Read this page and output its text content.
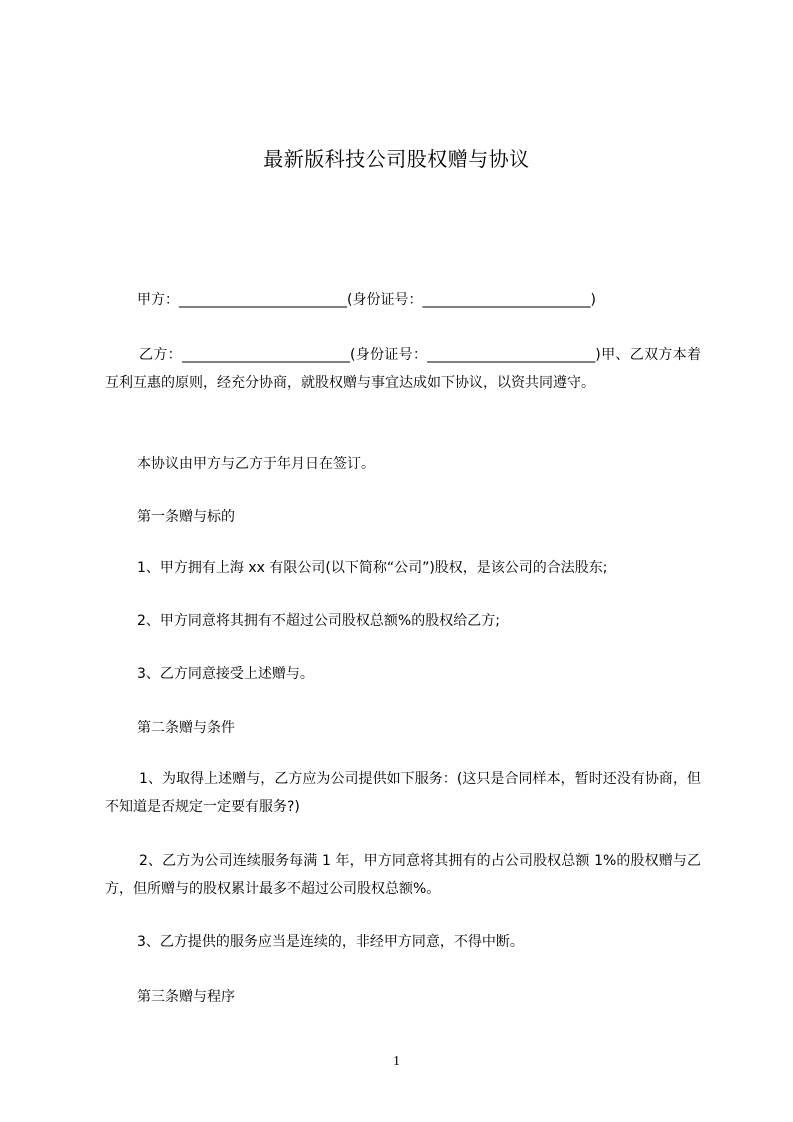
最新版科技公司股权赠与协议

甲方：________________________(身份证号：________________________)

乙方：________________________(身份证号：________________________)甲、乙双方本着互利互惠的原则，经充分协商，就股权赠与事宜达成如下协议，以资共同遵守。

本协议由甲方与乙方于年月日在签订。

第一条赠与标的

1、甲方拥有上海 xx 有限公司(以下简称“公司”)股权，是该公司的合法股东;

2、甲方同意将其拥有不超过公司股权总额%的股权给乙方;

3、乙方同意接受上述赠与。

第二条赠与条件

1、为取得上述赠与，乙方应为公司提供如下服务：(这只是合同样本，暂时还没有协商，但不知道是否规定一定要有服务?)

2、乙方为公司连续服务每满 1 年，甲方同意将其拥有的占公司股权总额 1%的股权赠与乙方，但所赠与的股权累计最多不超过公司股权总额%。

3、乙方提供的服务应当是连续的，非经甲方同意，不得中断。

第三条赠与程序

1
